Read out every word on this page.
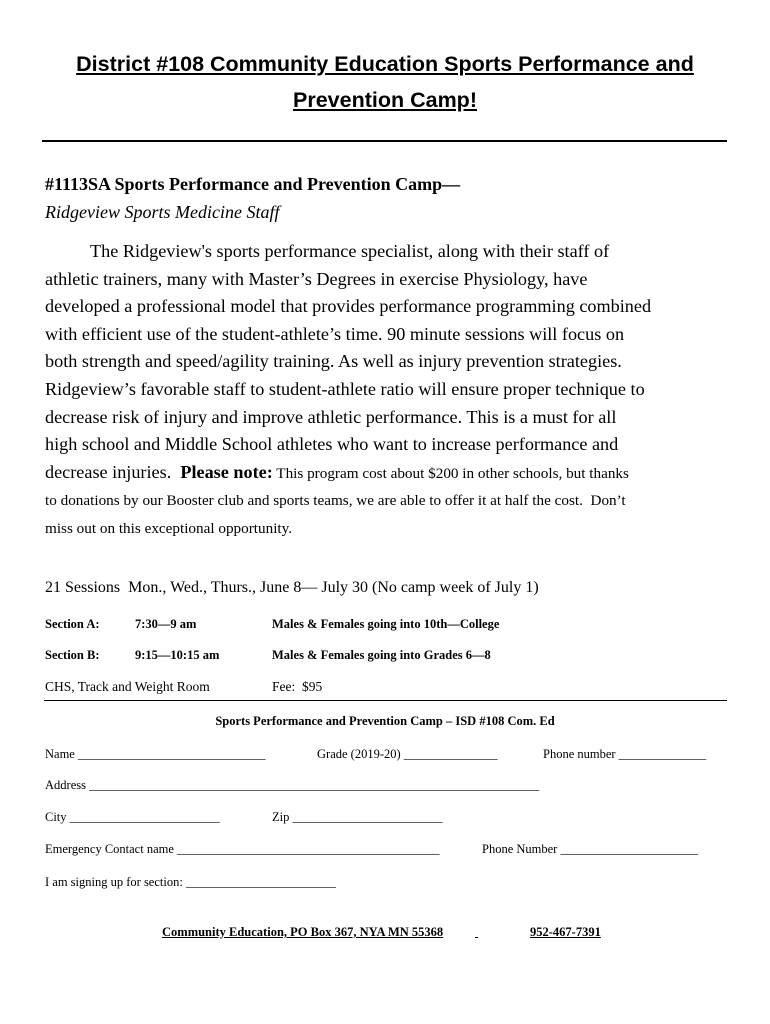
District #108 Community Education Sports Performance and
Prevention Camp!
#1113SA Sports Performance and Prevention Camp—
Ridgeview Sports Medicine Staff

The Ridgeview's sports performance specialist, along with their staff of
athletic trainers, many with Master’s Degrees in exercise Physiology, have
developed a professional model that provides performance programming combined
with efficient use of the student-athlete’s time. 90 minute sessions will focus on
both strength and speed/agility training. As well as injury prevention strategies.
Ridgeview’s favorable staff to student-athlete ratio will ensure proper technique to
decrease risk of injury and improve athletic performance. This is a must for all
high school and Middle School athletes who want to increase performance and
decrease injuries.  Please note: This program cost about $200 in other schools, but thanks
to donations by our Booster club and sports teams, we are able to offer it at half the cost.  Don’t
miss out on this exceptional opportunity.

21 Sessions  Mon., Wed., Thurs., June 8— July 30 (No camp week of July 1)
Section A:	7:30—9 am	Males & Females going into 10th—College
Section B:	9:15—10:15 am	Males & Females going into Grades 6—8
CHS, Track and Weight Room	Fee:  $95
Sports Performance and Prevention Camp – ISD #108 Com. Ed
Name ______________________________	Grade (2019-20) _______________	Phone number ______________
Address ________________________________________________________________________
City ________________________	Zip ________________________
Emergency Contact name __________________________________________	Phone Number ______________________
I am signing up for section: ________________________
Community Education, PO Box 367, NYA MN 55368
	952-467-7391
